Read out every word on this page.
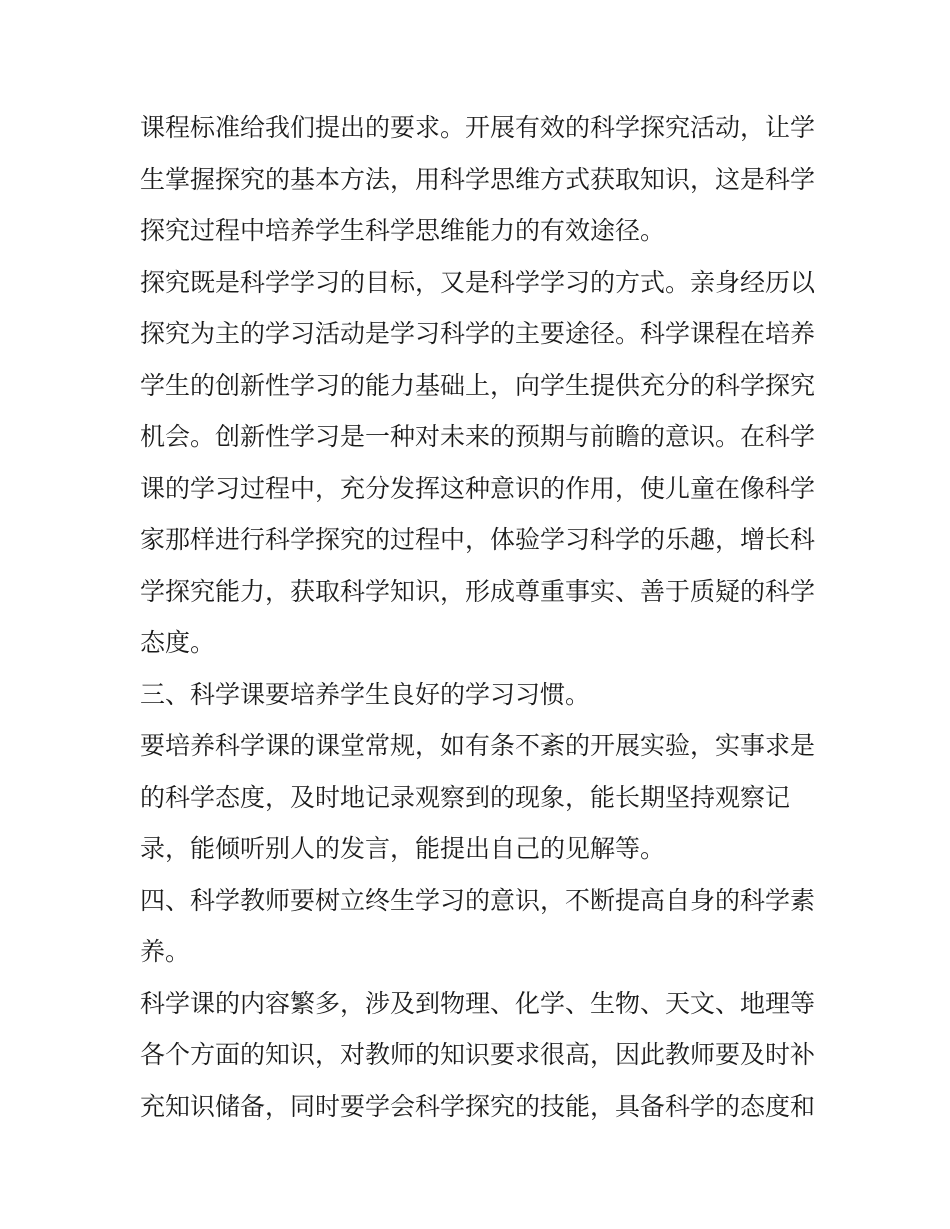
课程标准给我们提出的要求。开展有效的科学探究活动，让学
生掌握探究的基本方法，用科学思维方式获取知识，这是科学
探究过程中培养学生科学思维能力的有效途径。
探究既是科学学习的目标，又是科学学习的方式。亲身经历以
探究为主的学习活动是学习科学的主要途径。科学课程在培养
学生的创新性学习的能力基础上，向学生提供充分的科学探究
机会。创新性学习是一种对未来的预期与前瞻的意识。在科学
课的学习过程中，充分发挥这种意识的作用，使儿童在像科学
家那样进行科学探究的过程中，体验学习科学的乐趣，增长科
学探究能力，获取科学知识，形成尊重事实、善于质疑的科学
态度。
三、科学课要培养学生良好的学习习惯。
要培养科学课的课堂常规，如有条不紊的开展实验，实事求是
的科学态度，及时地记录观察到的现象，能长期坚持观察记
录，能倾听别人的发言，能提出自己的见解等。
四、科学教师要树立终生学习的意识，不断提高自身的科学素
养。
科学课的内容繁多，涉及到物理、化学、生物、天文、地理等
各个方面的知识，对教师的知识要求很高，因此教师要及时补
充知识储备，同时要学会科学探究的技能，具备科学的态度和
